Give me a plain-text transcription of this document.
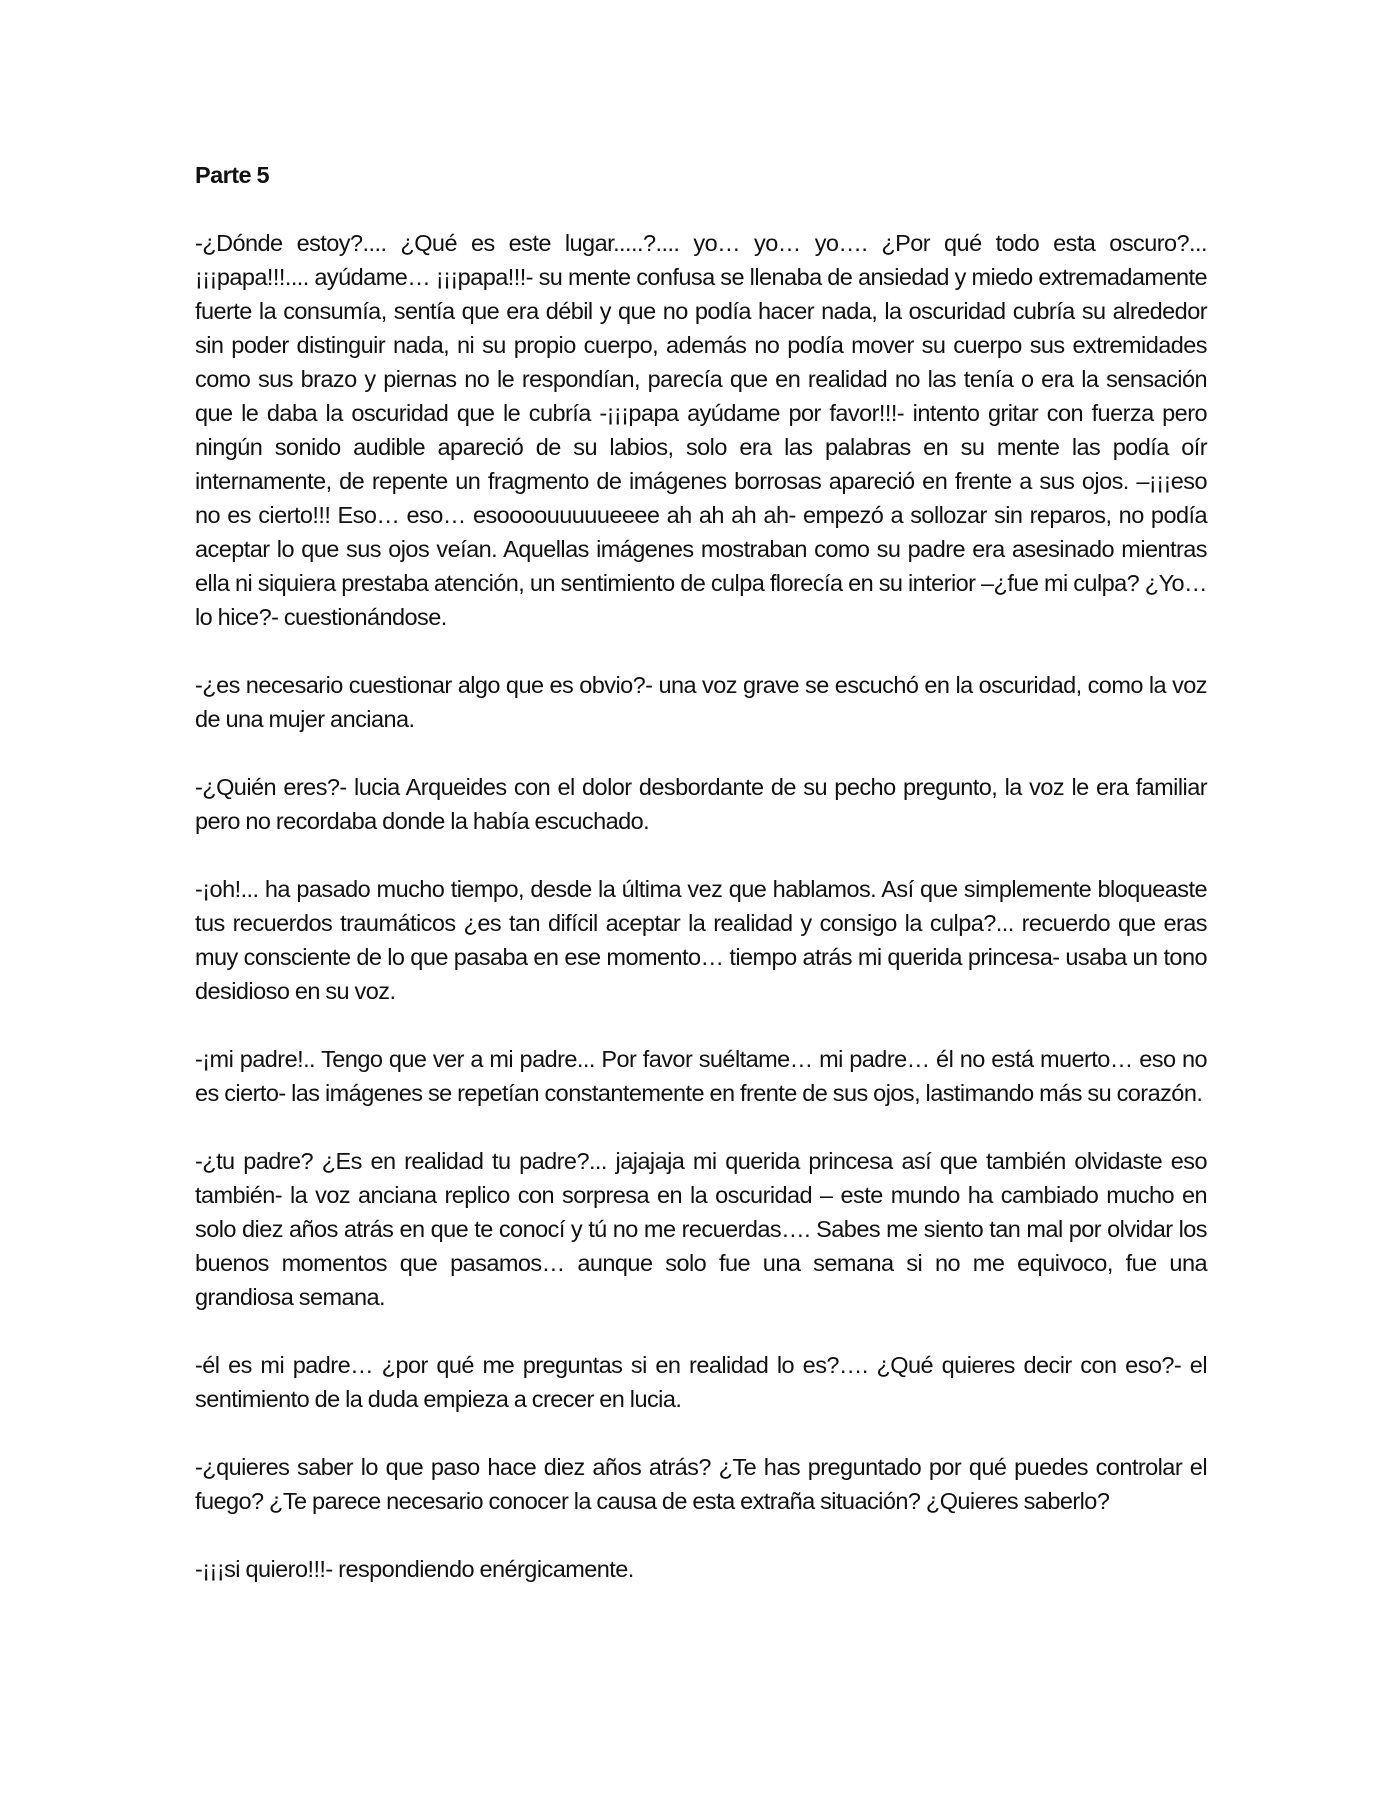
Parte 5

-¿Dónde estoy?.... ¿Qué es este lugar.....?.... yo… yo… yo…. ¿Por qué todo esta oscuro?... ¡¡¡papa!!!.... ayúdame… ¡¡¡papa!!!- su mente confusa se llenaba de ansiedad y miedo extremadamente fuerte la consumía, sentía que era débil y que no podía hacer nada, la oscuridad cubría su alrededor sin poder distinguir nada, ni su propio cuerpo, además no podía mover su cuerpo sus extremidades como sus brazo y piernas no le respondían, parecía que en realidad no las tenía o era la sensación que le daba la oscuridad que le cubría -¡¡¡papa ayúdame por favor!!!- intento gritar con fuerza pero ningún sonido audible apareció de su labios, solo era las palabras en su mente las podía oír internamente, de repente un fragmento de imágenes borrosas apareció en frente a sus ojos. –¡¡¡eso no es cierto!!! Eso… eso… esoooouuuuueeee ah ah ah ah- empezó a sollozar sin reparos, no podía aceptar lo que sus ojos veían. Aquellas imágenes mostraban como su padre era asesinado mientras ella ni siquiera prestaba atención, un sentimiento de culpa florecía en su interior –¿fue mi culpa? ¿Yo… lo hice?- cuestionándose.

-¿es necesario cuestionar algo que es obvio?- una voz grave se escuchó en la oscuridad, como la voz de una mujer anciana.

-¿Quién eres?- lucia Arqueides con el dolor desbordante de su pecho pregunto, la voz le era familiar pero no recordaba donde la había escuchado.

-¡oh!... ha pasado mucho tiempo, desde la última vez que hablamos. Así que simplemente bloqueaste tus recuerdos traumáticos ¿es tan difícil aceptar la realidad y consigo la culpa?... recuerdo que eras muy consciente de lo que pasaba en ese momento… tiempo atrás mi querida princesa- usaba un tono desidioso en su voz.

-¡mi padre!.. Tengo que ver a mi padre... Por favor suéltame… mi padre… él no está muerto… eso no es cierto- las imágenes se repetían constantemente en frente de sus ojos, lastimando más su corazón.

-¿tu padre? ¿Es en realidad tu padre?... jajajaja mi querida princesa así que también olvidaste eso también- la voz anciana replico con sorpresa en la oscuridad – este mundo ha cambiado mucho en solo diez años atrás en que te conocí y tú no me recuerdas…. Sabes me siento tan mal por olvidar los buenos momentos que pasamos… aunque solo fue una semana si no me equivoco, fue una grandiosa semana.

-él es mi padre… ¿por qué me preguntas si en realidad lo es?…. ¿Qué quieres decir con eso?- el sentimiento de la duda empieza a crecer en lucia.

-¿quieres saber lo que paso hace diez años atrás? ¿Te has preguntado por qué puedes controlar el fuego? ¿Te parece necesario conocer la causa de esta extraña situación? ¿Quieres saberlo?

-¡¡¡si quiero!!!- respondiendo enérgicamente.
